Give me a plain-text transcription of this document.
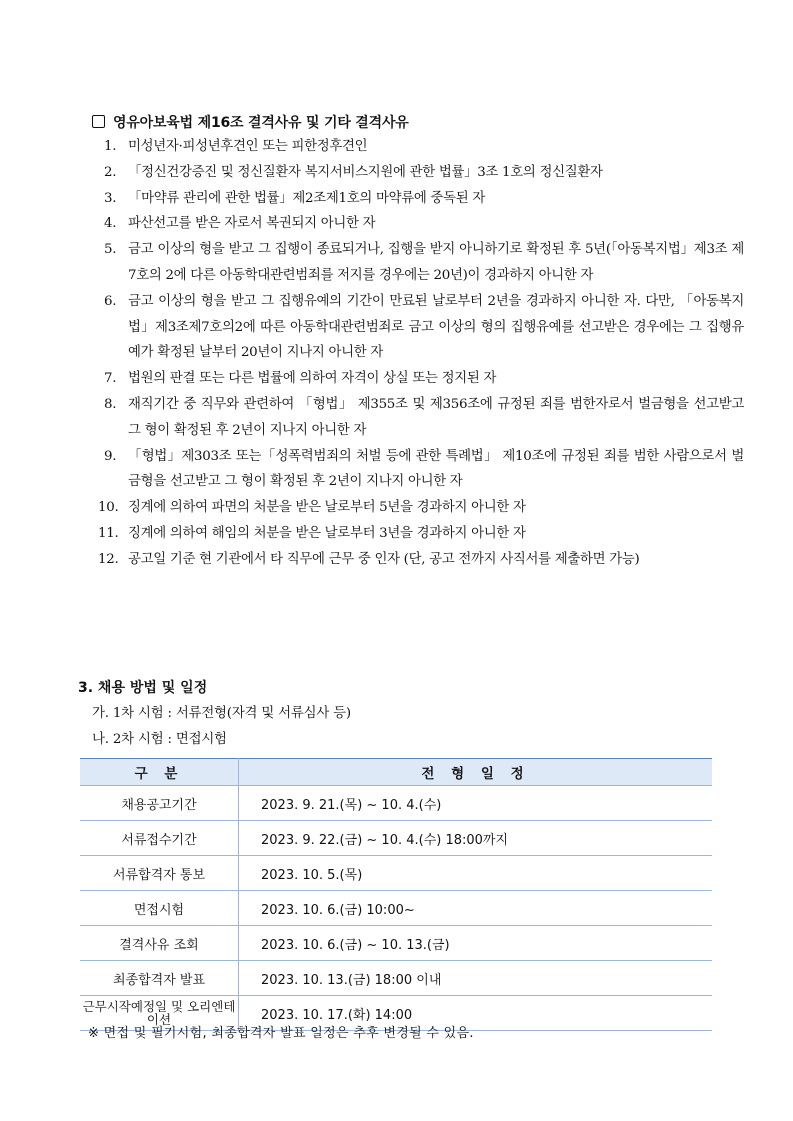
영유아보육법 제16조 결격사유 및 기타 결격사유
1. 미성년자·피성년후견인 또는 피한정후견인
2. 「정신건강증진 및 정신질환자 복지서비스지원에 관한 법률」3조 1호의 정신질환자
3. 「마약류 관리에 관한 법률」제2조제1호의 마약류에 중독된 자
4. 파산선고를 받은 자로서 복권되지 아니한 자
5. 금고 이상의 형을 받고 그 집행이 종료되거나, 집행을 받지 아니하기로 확정된 후 5년(「아동복지법」제3조 제7호의 2에 다른 아동학대관련범죄를 저지를 경우에는 20년)이 경과하지 아니한 자
6. 금고 이상의 형을 받고 그 집행유예의 기간이 만료된 날로부터 2년을 경과하지 아니한 자. 다만, 「아동복지법」제3조제7호의2에 따른 아동학대관련범죄로 금고 이상의 형의 집행유예를 선고받은 경우에는 그 집행유예가 확정된 날부터 20년이 지나지 아니한 자
7. 법원의 판결 또는 다른 법률에 의하여 자격이 상실 또는 정지된 자
8. 재직기간 중 직무와 관련하여 「형법」 제355조 및 제356조에 규정된 죄를 범한자로서 벌금형을 선고받고 그 형이 확정된 후 2년이 지나지 아니한 자
9. 「형법」제303조 또는「성폭력범죄의 처벌 등에 관한 특례법」 제10조에 규정된 죄를 범한 사람으로서 벌금형을 선고받고 그 형이 확정된 후 2년이 지나지 아니한 자
10. 징계에 의하여 파면의 처분을 받은 날로부터 5년을 경과하지 아니한 자
11. 징계에 의하여 해임의 처분을 받은 날로부터 3년을 경과하지 아니한 자
12. 공고일 기준 현 기관에서 타 직무에 근무 중 인자 (단, 공고 전까지 사직서를 제출하면 가능)
3. 채용 방법 및 일정
가. 1차 시험 : 서류전형(자격 및 서류심사 등)
나. 2차 시험 : 면접시험
구 분	전 형 일 정
채용공고기간	2023. 9. 21.(목) ~ 10. 4.(수)
서류접수기간	2023. 9. 22.(금) ~ 10. 4.(수) 18:00까지
서류합격자 통보	2023. 10. 5.(목)
면접시험	2023. 10. 6.(금) 10:00~
결격사유 조회	2023. 10. 6.(금) ~ 10. 13.(금)
최종합격자 발표	2023. 10. 13.(금) 18:00 이내
근무시작예정일 및 오리엔테이션	2023. 10. 17.(화) 14:00
※ 면접 및 필기시험, 최종합격자 발표 일정은 추후 변경될 수 있음.
